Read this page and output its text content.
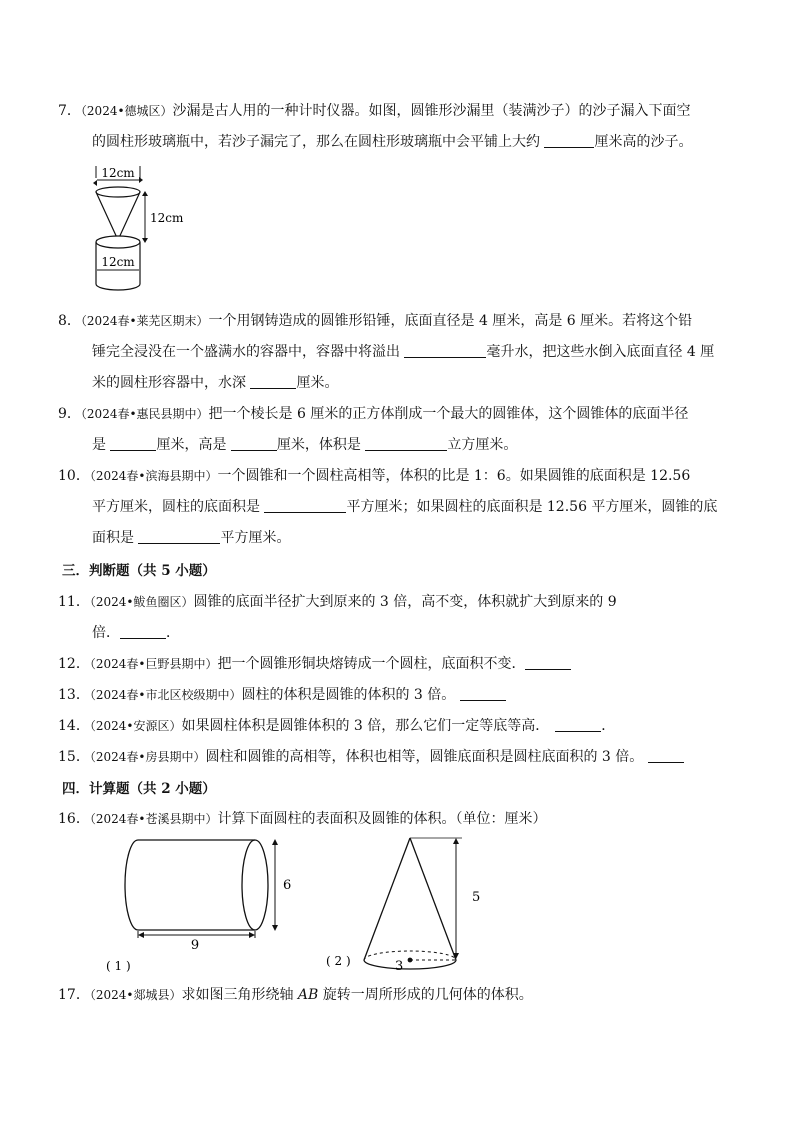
7．（2024•德城区）沙漏是古人用的一种计时仪器。如图，圆锥形沙漏里（装满沙子）的沙子漏入下面空
的圆柱形玻璃瓶中，若沙子漏完了，那么在圆柱形玻璃瓶中会平铺上大约	厘米高的沙子。
12cm
12cm
12cm
8．（2024春•莱芜区期末）一个用钢铸造成的圆锥形铅锤，底面直径是 4 厘米，高是 6 厘米。若将这个铅
锤完全浸没在一个盛满水的容器中，容器中将溢出	毫升水，把这些水倒入底面直径 4 厘
米的圆柱形容器中，水深	厘米。
9．（2024春•惠民县期中）把一个棱长是 6 厘米的正方体削成一个最大的圆锥体，这个圆锥体的底面半径
是	厘米，高是	厘米，体积是	立方厘米。
10．（2024春•滨海县期中）一个圆锥和一个圆柱高相等，体积的比是 1：6。如果圆锥的底面积是 12.56
平方厘米，圆柱的底面积是	平方厘米；如果圆柱的底面积是 12.56 平方厘米，圆锥的底
面积是	平方厘米。
三．判断题（共 5 小题）
11．（2024•鲅鱼圈区）圆锥的底面半径扩大到原来的 3 倍，高不变，体积就扩大到原来的 9
倍．	．
12．（2024春•巨野县期中）把一个圆锥形铜块熔铸成一个圆柱，底面积不变．
13．（2024春•市北区校级期中）圆柱的体积是圆锥的体积的 3 倍。
14．（2024•安源区）如果圆柱体积是圆锥体积的 3 倍，那么它们一定等底等高．	．
15．（2024春•房县期中）圆柱和圆锥的高相等，体积也相等，圆锥底面积是圆柱底面积的 3 倍。
四．计算题（共 2 小题）
16．（2024春•苍溪县期中）计算下面圆柱的表面积及圆锥的体积。（单位：厘米）
6
9
( 1 )	3
5
( 2 )
17．（2024•郯城县）求如图三角形绕轴 AB 旋转一周所形成的几何体的体积。
